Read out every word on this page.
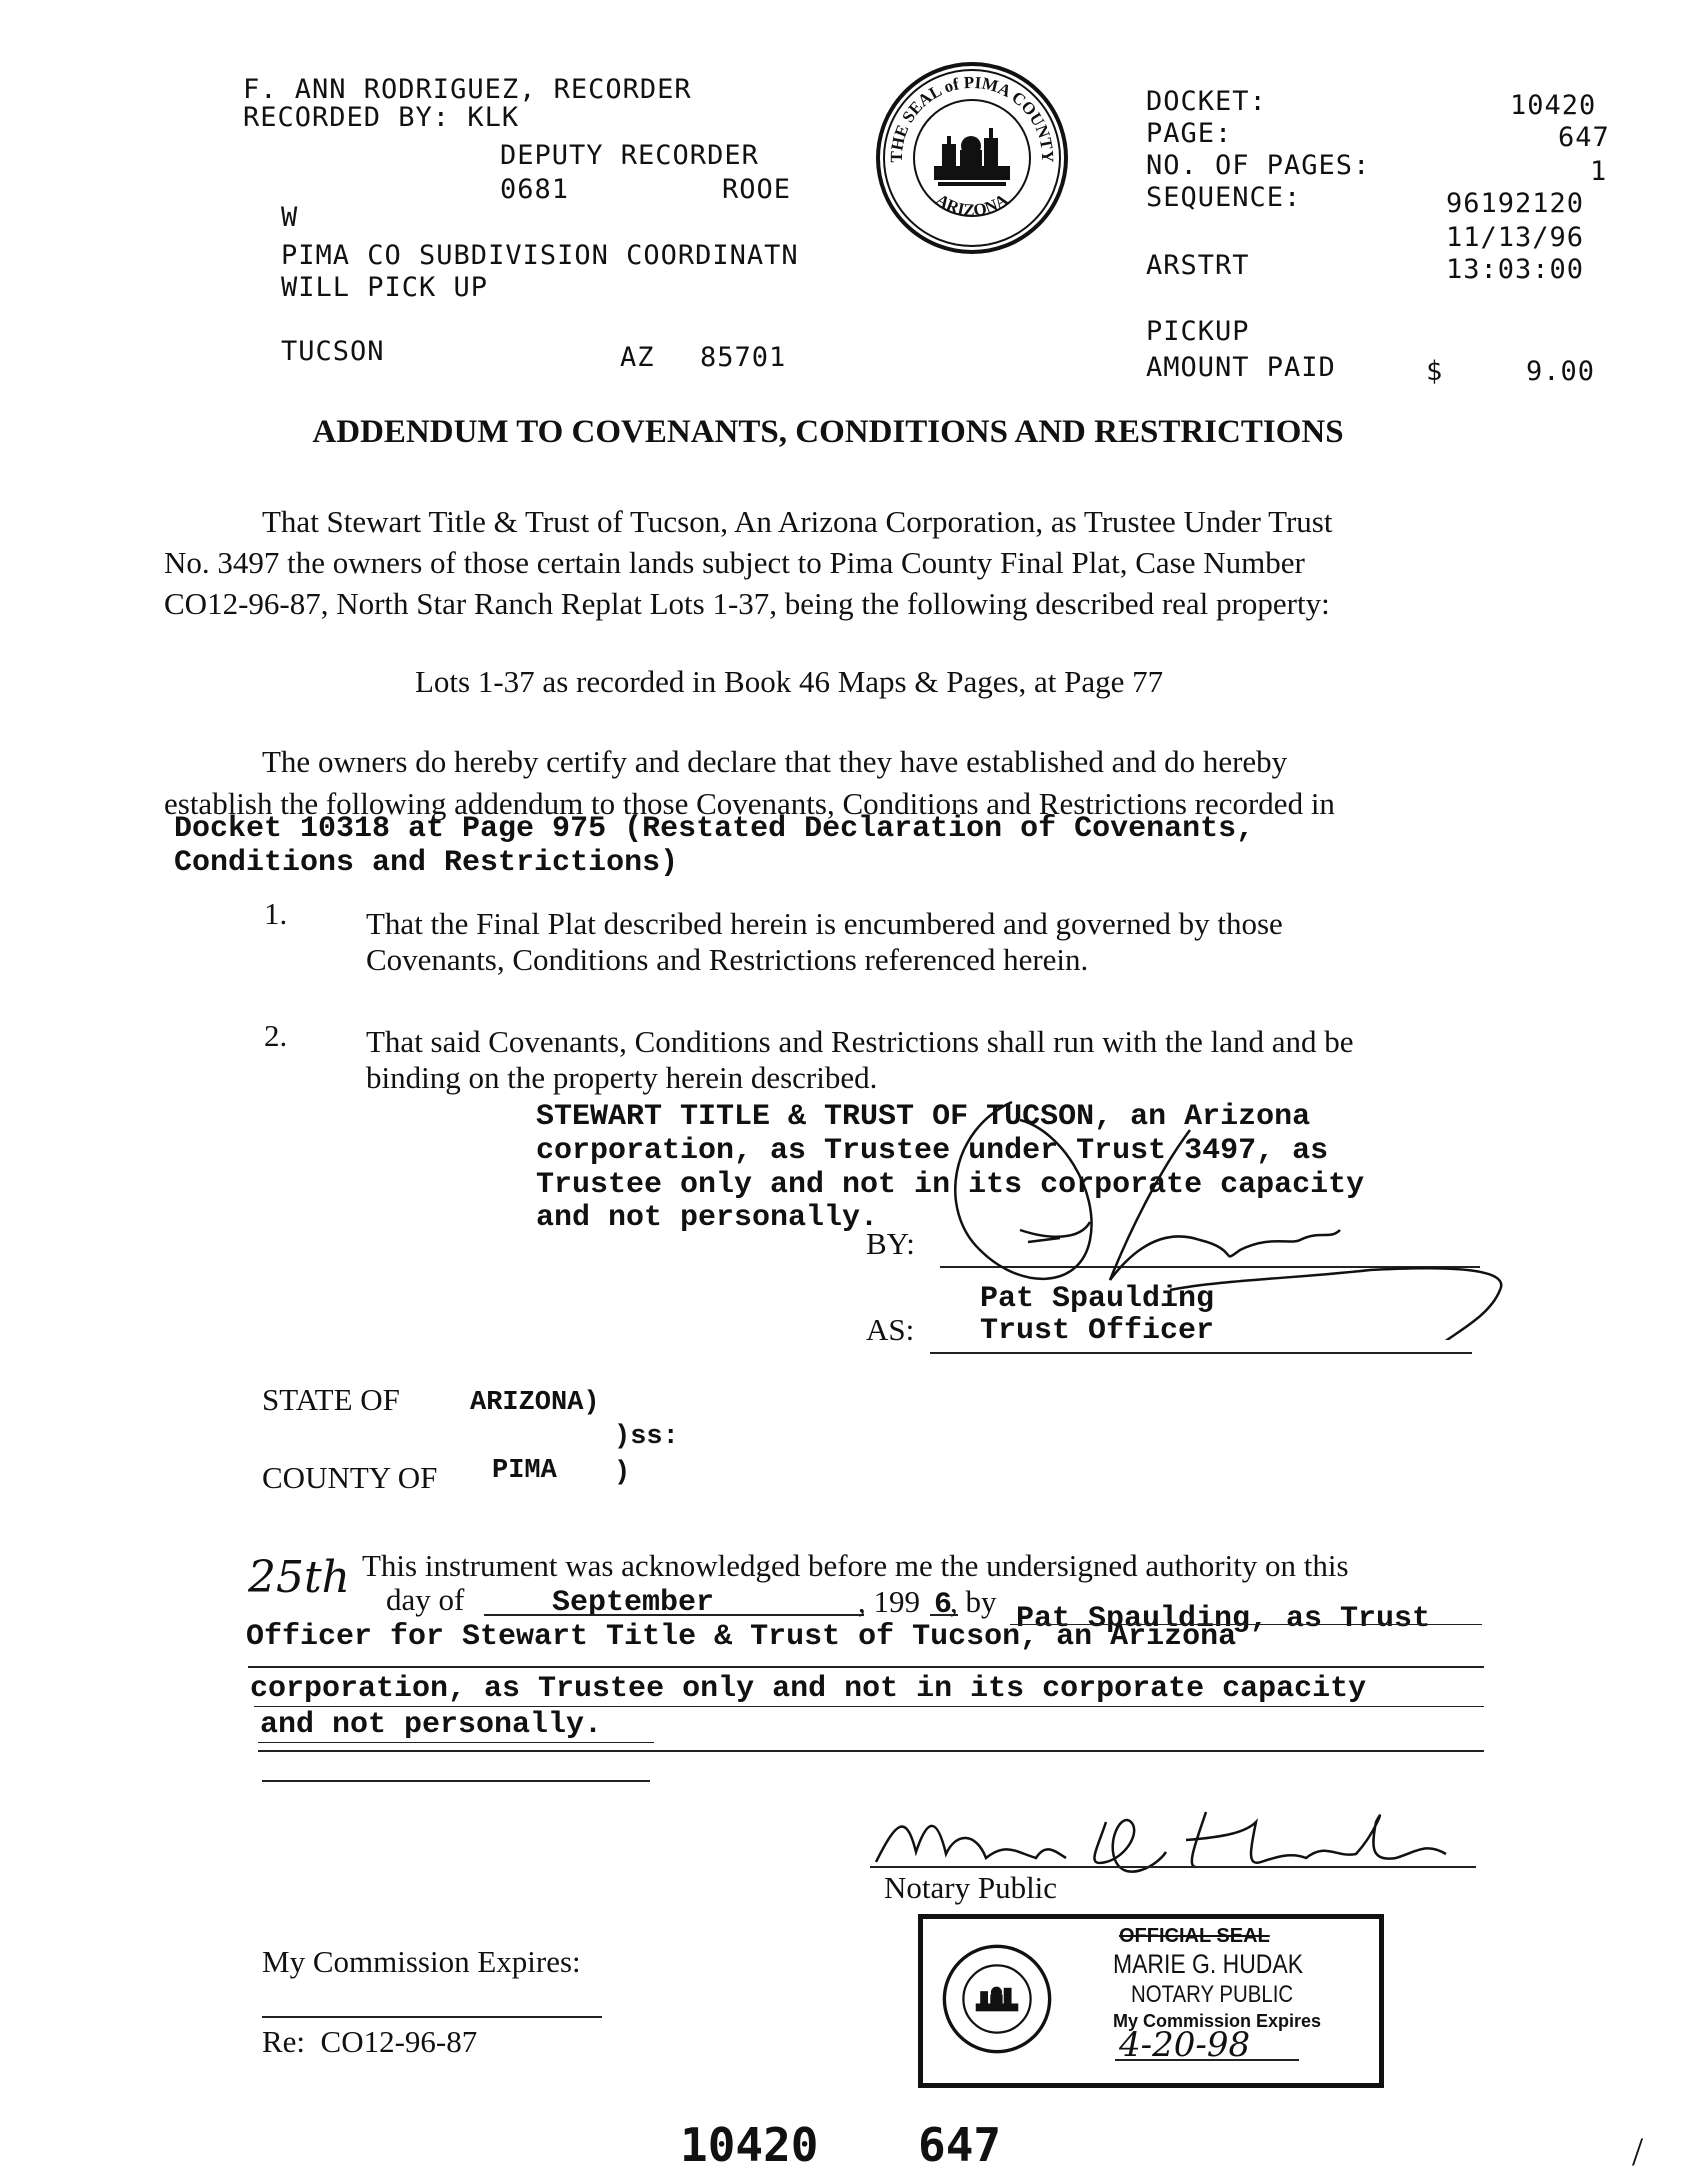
F. ANN RODRIGUEZ, RECORDER
RECORDED BY: KLK
DEPUTY RECORDER
0681	ROOE
W
PIMA CO SUBDIVISION COORDINATN
WILL PICK UP
TUCSON	AZ 85701
THE SEAL of PIMA COUNTY
ARIZONA
DOCKET:	10420
PAGE:	647
NO. OF PAGES:	1
SEQUENCE:	96192120
11/13/96
ARSTRT	13:03:00
PICKUP
AMOUNT PAID	$	9.00
ADDENDUM TO COVENANTS, CONDITIONS AND RESTRICTIONS
That Stewart Title & Trust of Tucson, An Arizona Corporation, as Trustee Under Trust
No. 3497 the owners of those certain lands subject to Pima County Final Plat, Case Number
CO12-96-87, North Star Ranch Replat Lots 1-37, being the following described real property:
Lots 1-37 as recorded in Book 46 Maps & Pages, at Page 77
The owners do hereby certify and declare that they have established and do hereby
establish the following addendum to those Covenants, Conditions and Restrictions recorded in
Docket 10318 at Page 975 (Restated Declaration of Covenants,
Conditions and Restrictions)
1.	That the Final Plat described herein is encumbered and governed by those
Covenants, Conditions and Restrictions referenced herein.
2.	That said Covenants, Conditions and Restrictions shall run with the land and be
binding on the property herein described.
STEWART TITLE & TRUST OF TUCSON, an Arizona
corporation, as Trustee under Trust 3497, as
Trustee only and not in its corporate capacity
and not personally.
BY:
Pat Spaulding
AS: Trust Officer
STATE OF	ARIZONA)
)ss:
COUNTY OF PIMA )
This instrument was acknowledged before me the undersigned authority on this
25th day of	September	, 199 6
, by Pat Spaulding, as Trust
Officer for Stewart Title & Trust of Tucson, an Arizona
corporation, as Trustee only and not in its corporate capacity
and not personally.
Notary Public
My Commission Expires:
Re:  CO12-96-87

OFFICIAL SEAL

MARIE G. HUDAK

NOTARY PUBLIC

My Commission Expires

4-20-98

10420 647	/
